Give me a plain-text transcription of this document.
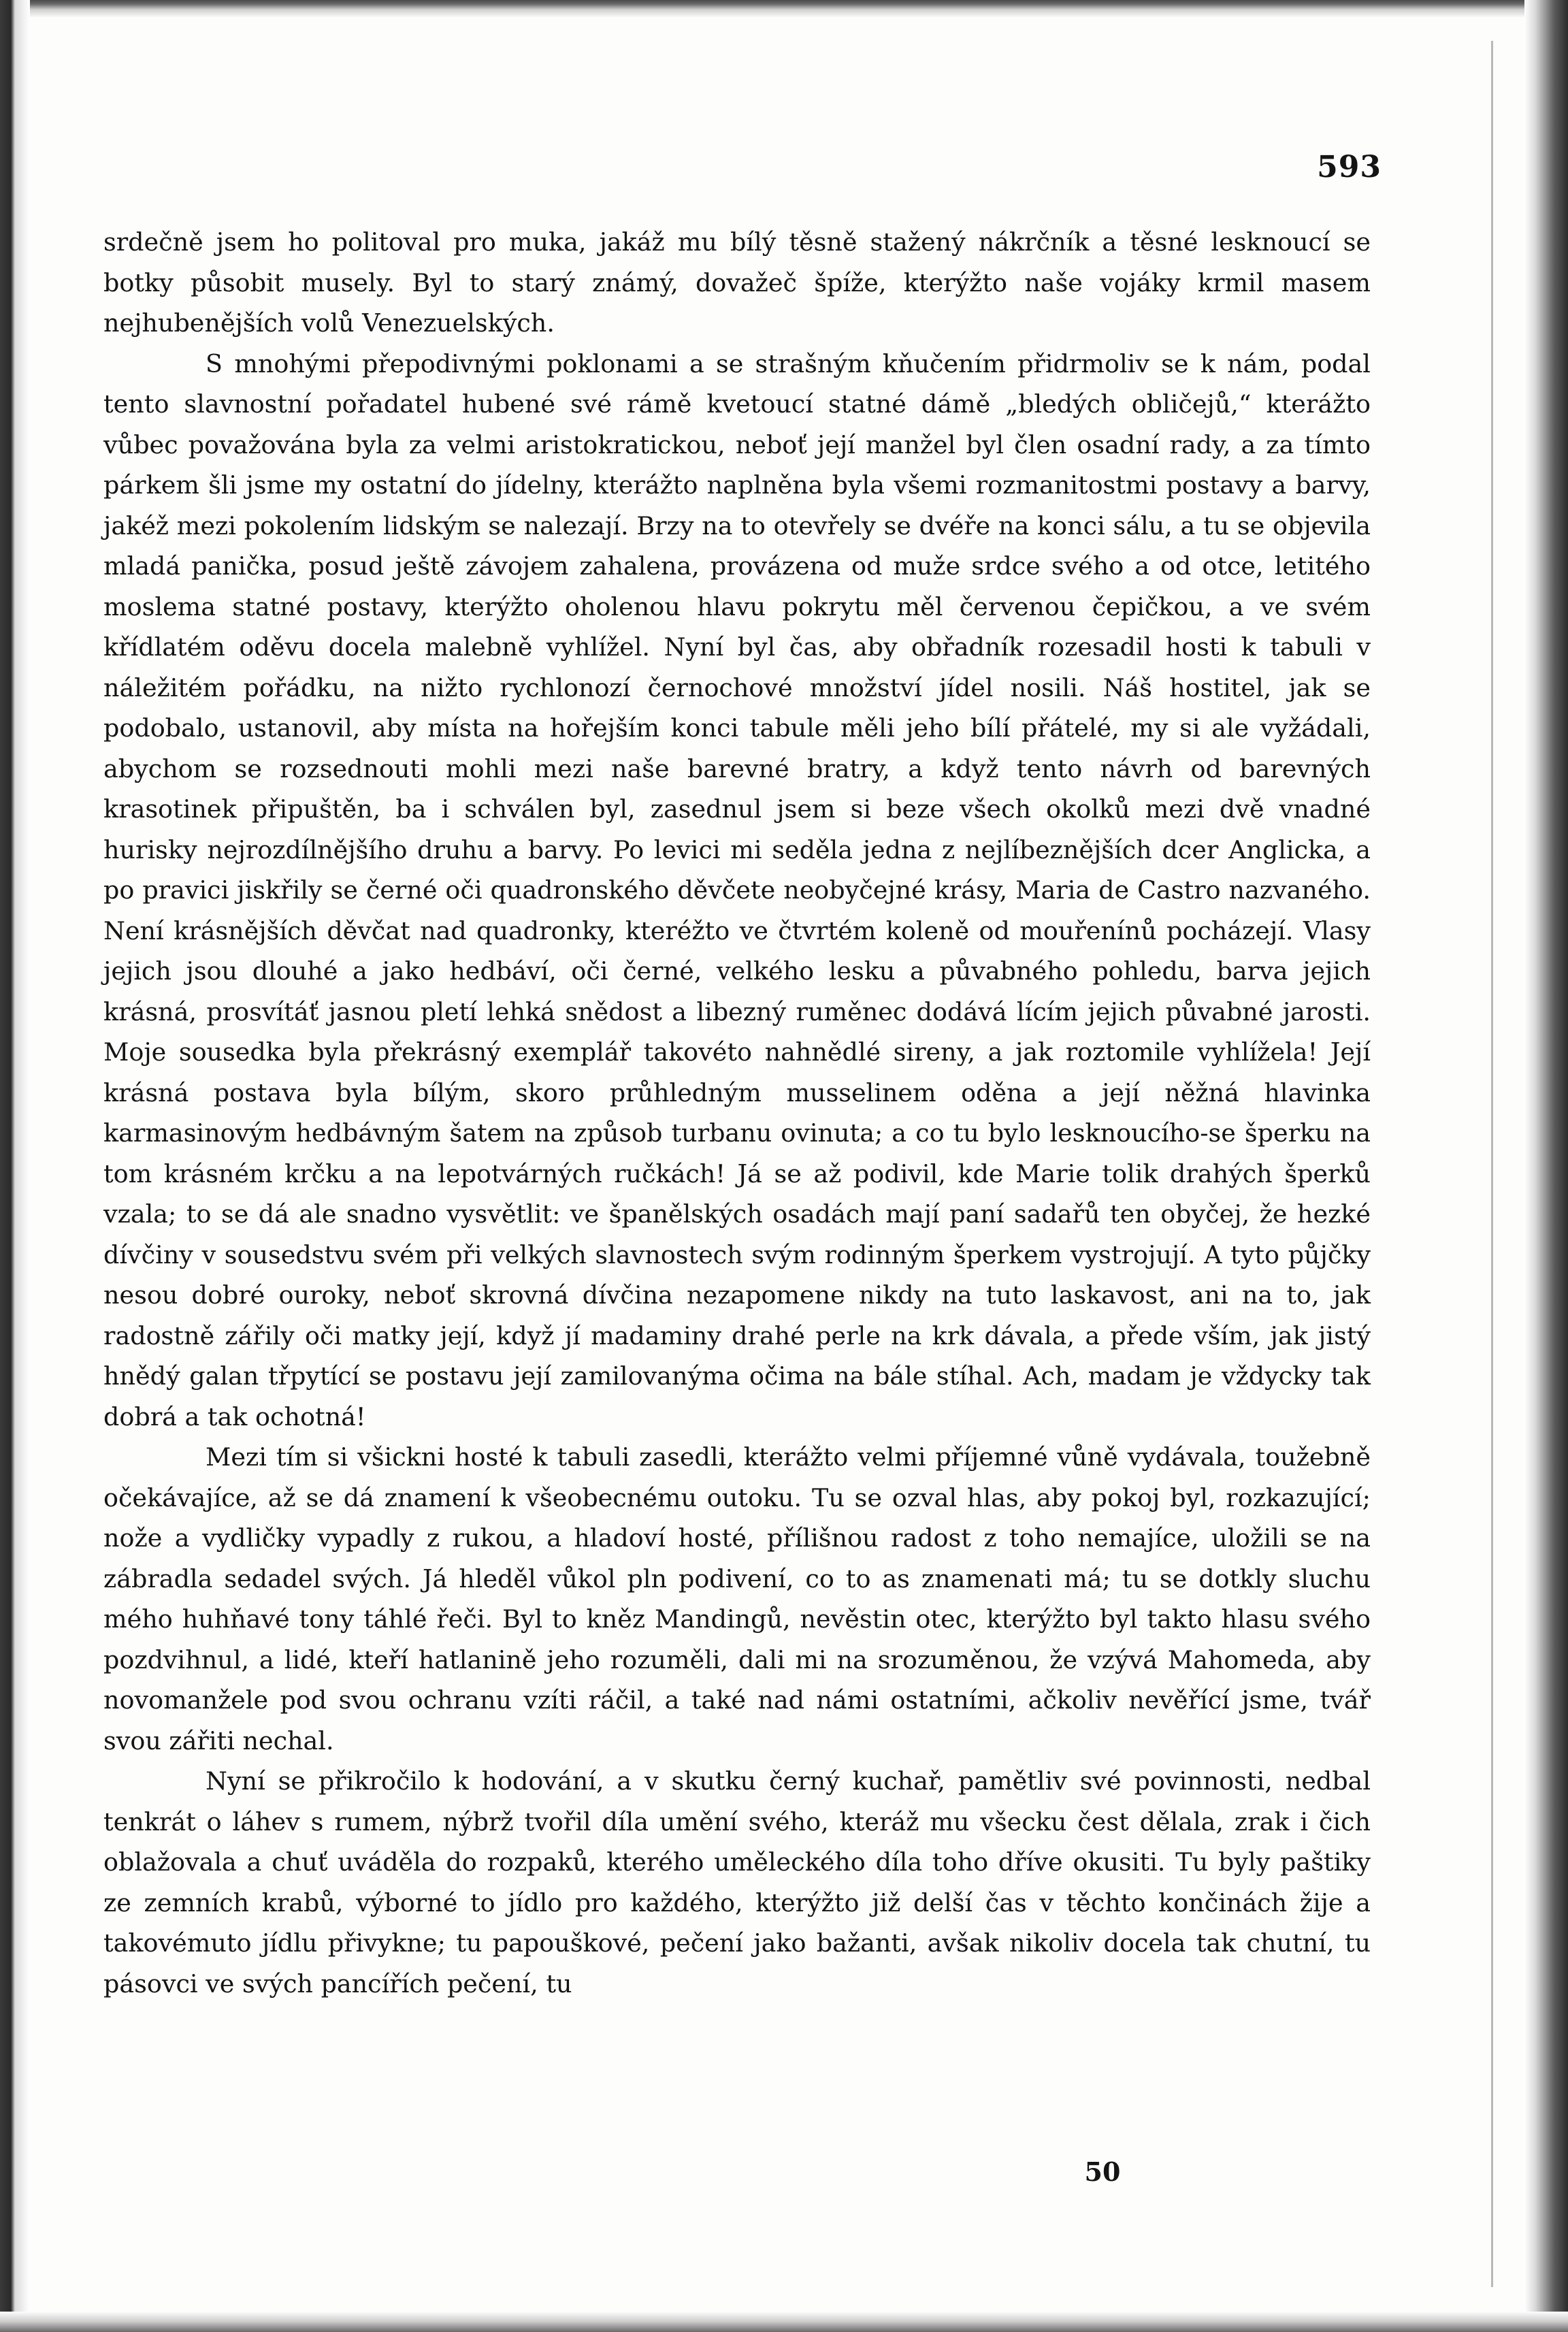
593

srdečně jsem ho politoval pro muka, jakáž mu bílý těsně stažený nákrčník a těsné lesknoucí se botky působit musely. Byl to starý známý, dovažeč špíže, kterýžto naše vojáky krmil masem nejhubenějších volů Venezuelských.

S mnohými přepodivnými poklonami a se strašným kňučením přidrmoliv se k nám, podal tento slavnostní pořadatel hubené své rámě kvetoucí statné dámě „bledých obličejů,“ kterážto vůbec považována byla za velmi aristokratickou, neboť její manžel byl člen osadní rady, a za tímto párkem šli jsme my ostatní do jídelny, kterážto naplněna byla všemi rozmanitostmi postavy a barvy, jakéž mezi pokolením lidským se nalezají. Brzy na to otevřely se dvéře na konci sálu, a tu se objevila mladá panička, posud ještě závojem zahalena, provázena od muže srdce svého a od otce, letitého moslema statné postavy, kterýžto oholenou hlavu pokrytu měl červenou čepičkou, a ve svém křídlatém oděvu docela malebně vyhlížel. Nyní byl čas, aby obřadník rozesadil hosti k tabuli v náležitém pořádku, na nižto rychlonozí černochové množství jídel nosili. Náš hostitel, jak se podobalo, ustanovil, aby místa na hořejším konci tabule měli jeho bílí přátelé, my si ale vyžádali, abychom se rozsednouti mohli mezi naše barevné bratry, a když tento návrh od barevných krasotinek připuštěn, ba i schválen byl, zasednul jsem si beze všech okolků mezi dvě vnadné hurisky nejrozdílnějšího druhu a barvy. Po levici mi seděla jedna z nejlíbeznějších dcer Anglicka, a po pravici jiskřily se černé oči quadronského děvčete neobyčejné krásy, Maria de Castro nazvaného. Není krásnějších děvčat nad quadronky, kteréžto ve čtvrtém koleně od mouřenínů pocházejí. Vlasy jejich jsou dlouhé a jako hedbáví, oči černé, velkého lesku a půvabného pohledu, barva jejich krásná, prosvítáť jasnou pletí lehká snědost a libezný ruměnec dodává lícím jejich půvabné jarosti. Moje sousedka byla překrásný exemplář takovéto nahnědlé sireny, a jak roztomile vyhlížela! Její krásná postava byla bílým, skoro průhledným musselinem oděna a její něžná hlavinka karmasinovým hedbávným šatem na způsob turbanu ovinuta; a co tu bylo lesknoucího-se šperku na tom krásném krčku a na lepotvárných ručkách! Já se až podivil, kde Marie tolik drahých šperků vzala; to se dá ale snadno vysvětlit: ve španělských osadách mají paní sadařů ten obyčej, že hezké dívčiny v sousedstvu svém při velkých slavnostech svým rodinným šperkem vystrojují. A tyto půjčky nesou dobré ouroky, neboť skrovná dívčina nezapomene nikdy na tuto laskavost, ani na to, jak radostně zářily oči matky její, když jí madaminy drahé perle na krk dávala, a přede vším, jak jistý hnědý galan třpytící se postavu její zamilovanýma očima na bále stíhal. Ach, madam je vždycky tak dobrá a tak ochotná!

Mezi tím si všickni hosté k tabuli zasedli, kterážto velmi příjemné vůně vydávala, toužebně očekávajíce, až se dá znamení k všeobecnému outoku. Tu se ozval hlas, aby pokoj byl, rozkazující; nože a vydličky vypadly z rukou, a hladoví hosté, přílišnou radost z toho nemajíce, uložili se na zábradla sedadel svých. Já hleděl vůkol pln podivení, co to as znamenati má; tu se dotkly sluchu mého huhňavé tony táhlé řeči. Byl to kněz Mandingů, nevěstin otec, kterýžto byl takto hlasu svého pozdvihnul, a lidé, kteří hatlanině jeho rozuměli, dali mi na srozuměnou, že vzývá Mahomeda, aby novomanžele pod svou ochranu vzíti ráčil, a také nad námi ostatními, ačkoliv nevěřící jsme, tvář svou zářiti nechal.

Nyní se přikročilo k hodování, a v skutku černý kuchař, pamětliv své povinnosti, nedbal tenkrát o láhev s rumem, nýbrž tvořil díla umění svého, kteráž mu všecku čest dělala, zrak i čich oblažovala a chuť uváděla do rozpaků, kterého uměleckého díla toho dříve okusiti. Tu byly paštiky ze zemních krabů, výborné to jídlo pro každého, kterýžto již delší čas v těchto končinách žije a takovémuto jídlu přivykne; tu papouškové, pečení jako bažanti, avšak nikoliv docela tak chutní, tu pásovci ve svých pancířích pečení, tu

50
